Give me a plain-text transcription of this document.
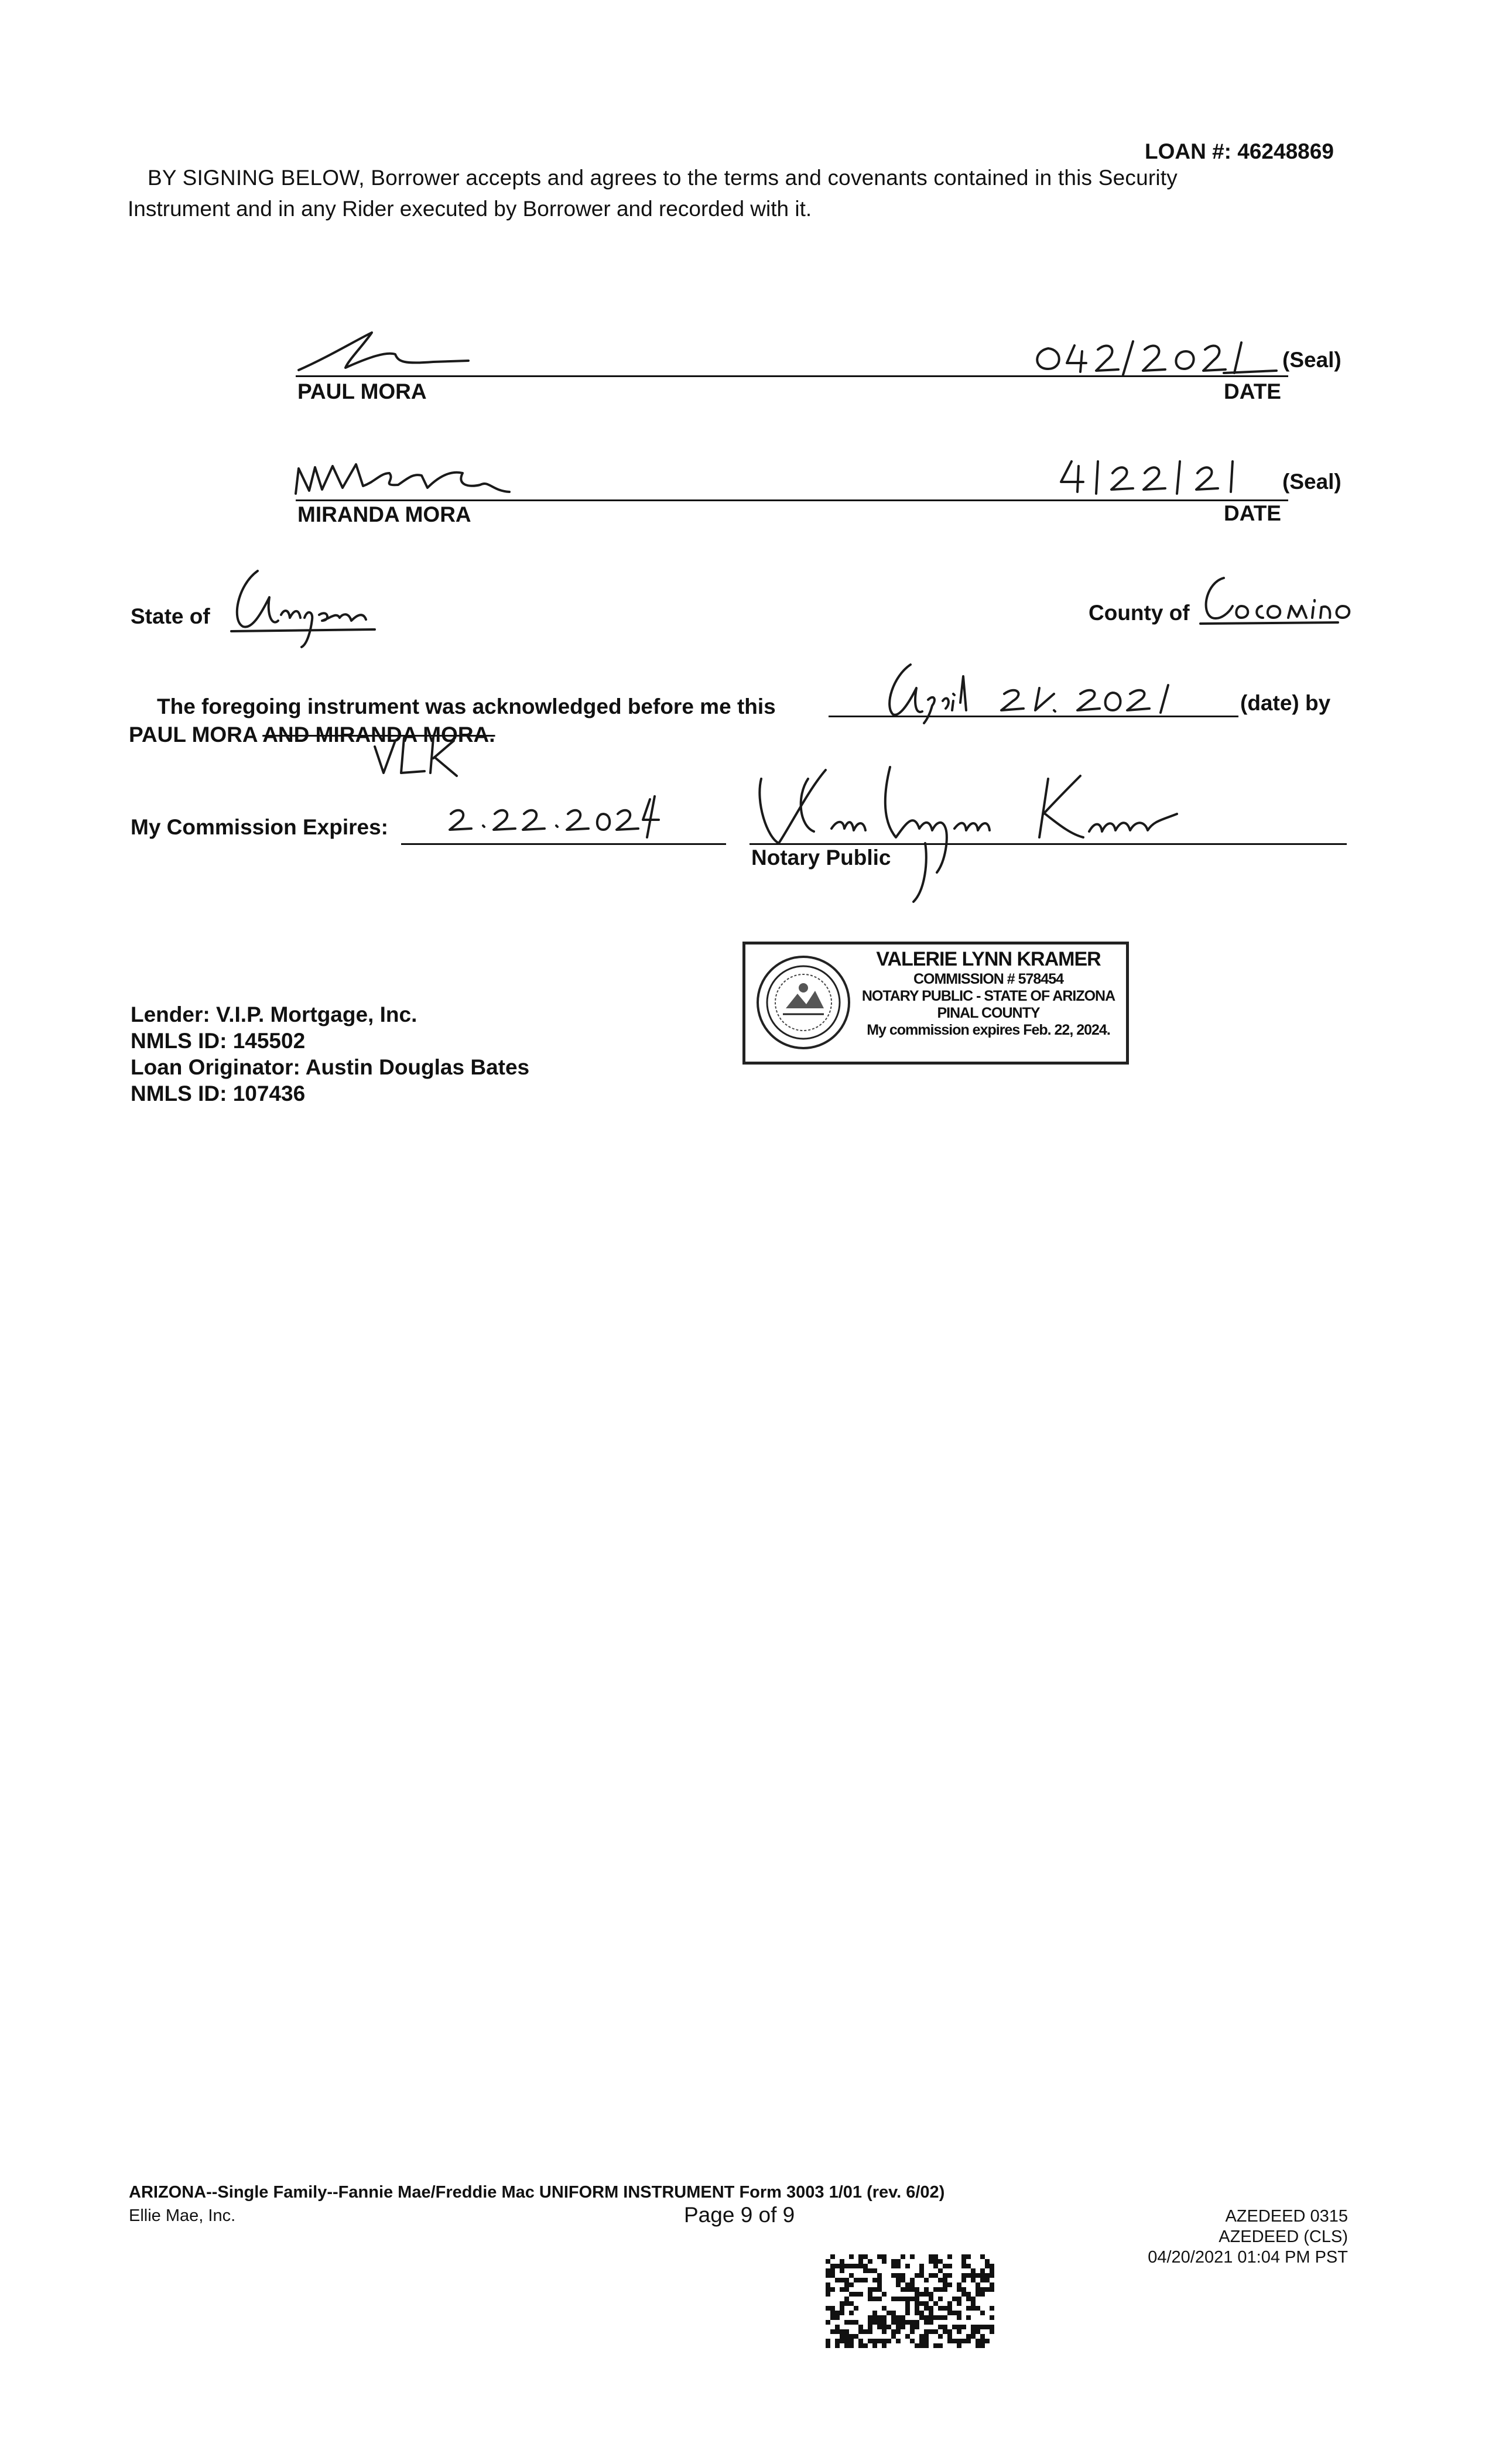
LOAN #: 46248869
BY SIGNING BELOW, Borrower accepts and agrees to the terms and covenants contained in this Security
Instrument and in any Rider executed by Borrower and recorded with it.
PAUL MORA	DATE
(Seal)
MIRANDA MORA	DATE
(Seal)
State of	County of
The foregoing instrument was acknowledged before me this	(date) by
PAUL MORA AND MIRANDA MORA.
My Commission Expires:
Notary Public
VALERIE LYNN KRAMER
COMMISSION # 578454
NOTARY PUBLIC - STATE OF ARIZONA
PINAL COUNTY
My commission expires Feb. 22, 2024.
Lender: V.I.P. Mortgage, Inc.
NMLS ID: 145502
Loan Originator: Austin Douglas Bates
NMLS ID: 107436
ARIZONA--Single Family--Fannie Mae/Freddie Mac UNIFORM INSTRUMENT Form 3003 1/01 (rev. 6/02)
Ellie Mae, Inc.	Page 9 of 9	AZEDEED 0315
AZEDEED (CLS)
04/20/2021 01:04 PM PST
